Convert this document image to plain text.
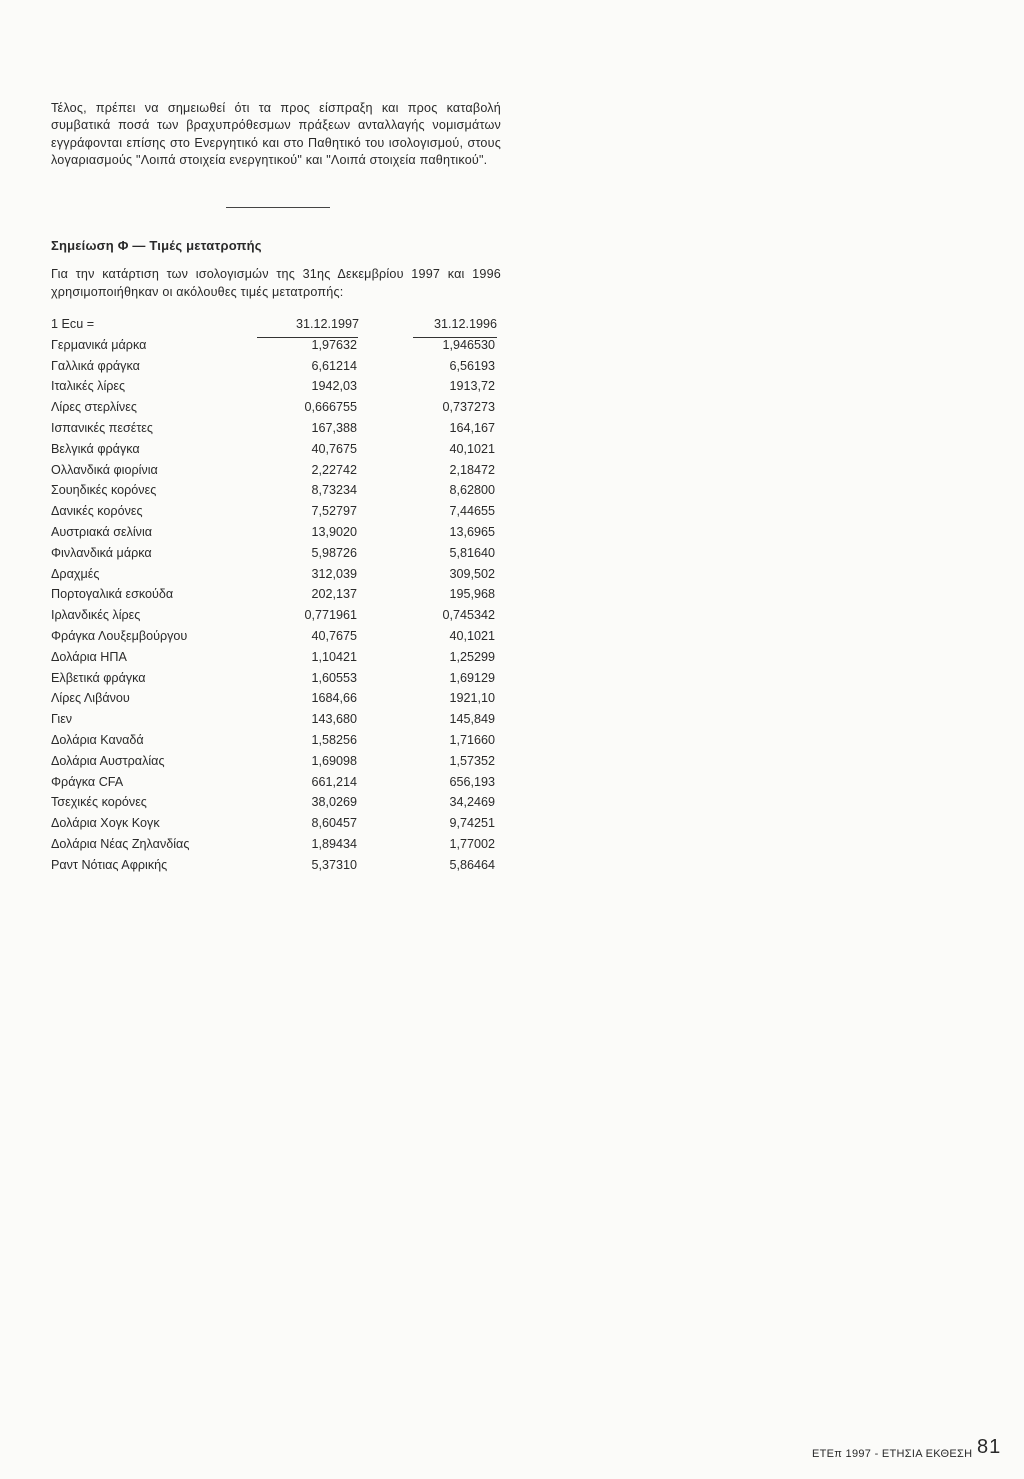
Τέλος, πρέπει να σημειωθεί ότι τα προς είσπραξη και προς καταβολή συμβατικά ποσά των βραχυπρόθεσμων πράξεων ανταλλαγής νομισμάτων εγγράφονται επίσης στο Ενεργητικό και στο Παθητικό του ισολογισμού, στους λογαριασμούς "Λοιπά στοιχεία ενεργητικού" και "Λοιπά στοιχεία παθητικού".

Σημείωση Φ — Τιμές μετατροπής

Για την κατάρτιση των ισολογισμών της 31ης Δεκεμβρίου 1997 και 1996 χρησιμοποιήθηκαν οι ακόλουθες τιμές μετατροπής:

1 Ecu =	31.12.1997	31.12.1996
Γερμανικά μάρκα	1,97632	1,946530
Γαλλικά φράγκα	6,61214	6,56193
Ιταλικές λίρες	1942,03	1913,72
Λίρες στερλίνες	0,666755	0,737273
Ισπανικές πεσέτες	167,388	164,167
Βελγικά φράγκα	40,7675	40,1021
Ολλανδικά φιορίνια	2,22742	2,18472
Σουηδικές κορόνες	8,73234	8,62800
Δανικές κορόνες	7,52797	7,44655
Αυστριακά σελίνια	13,9020	13,6965
Φινλανδικά μάρκα	5,98726	5,81640
Δραχμές	312,039	309,502
Πορτογαλικά εσκούδα	202,137	195,968
Ιρλανδικές λίρες	0,771961	0,745342
Φράγκα Λουξεμβούργου	40,7675	40,1021
Δολάρια ΗΠΑ	1,10421	1,25299
Ελβετικά φράγκα	1,60553	1,69129
Λίρες Λιβάνου	1684,66	1921,10
Γιεν	143,680	145,849
Δολάρια Καναδά	1,58256	1,71660
Δολάρια Αυστραλίας	1,69098	1,57352
Φράγκα CFA	661,214	656,193
Τσεχικές κορόνες	38,0269	34,2469
Δολάρια Χογκ Κογκ	8,60457	9,74251
Δολάρια Νέας Ζηλανδίας	1,89434	1,77002
Ραντ Νότιας Αφρικής	5,37310	5,86464
ΕΤΕπ 1997 - ΕΤΗΣΙΑ ΕΚΘΕΣΗ 81
